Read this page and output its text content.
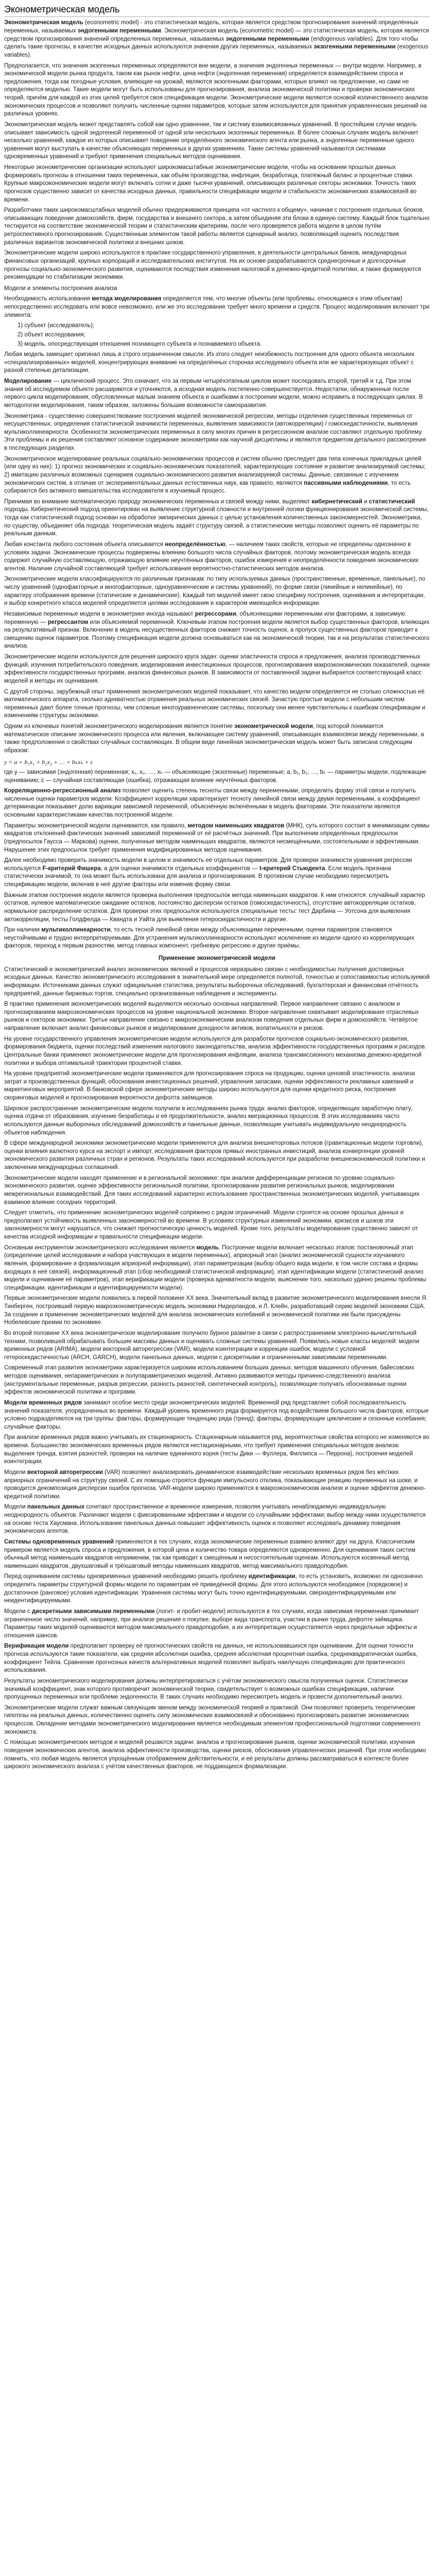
Эконометрическая модель

Эконометрическая модель (econometric model) - это статистическая модель, которая является средством прогнозирования значений определённых переменных, называемых эндогенными переменными. Эконометрическая модель (econometric model) — это статистическая модель, которая является средством прогнозирования значений определенных переменных, называемых эндогенными переменными (endogenous variables). Для того чтобы сделать такие прогнозы, в качестве исходных данных используются значения других переменных, называемых экзогенными переменными (exogenous variables).

Предполагается, что значения экзогенных переменных определяются вне модели, а значения эндогенных переменных — внутри модели. Например, в экономической модели рынка продукта, таком как рынок нефти, цена нефти (эндогенная переменная) определяется взаимодействием спроса и предложения, тогда как погодные условия, влияющие на урожай, являются экзогенными факторами, которые влияют на предложение, но сами не определяются моделью. Такие модели могут быть использованы для прогнозирования, анализа экономической политики и проверки экономических теорий, причём для каждой из этих целей требуется своя спецификация модели. Эконометрические модели являются основой количественного анализа экономических процессов и позволяют получить численные оценки параметров, которые затем используются для принятия управленческих решений на различных уровнях.

Эконометрическая модель может представлять собой как одно уравнение, так и систему взаимосвязанных уравнений. В простейшем случае модель описывает зависимость одной эндогенной переменной от одной или нескольких экзогенных переменных. В более сложных случаях модель включает несколько уравнений, каждое из которых описывает поведение определённого экономического агента или рынка, а эндогенные переменные одного уравнения могут выступать в качестве объясняющих переменных в других уравнениях. Такие системы уравнений называются системами одновременных уравнений и требуют применения специальных методов оценивания.

Некоторые эконометрические организации используют широкомасштабные эконометрические модели, чтобы на основании прошлых данных формировать прогнозы в отношении таких переменных, как объём производства, инфляция, безработица, платёжный баланс и процентные ставки. Крупные макроэкономические модели могут включать сотни и даже тысячи уравнений, описывающих различные секторы экономики. Точность таких прогнозов существенно зависит от качества исходных данных, правильности спецификации модели и стабильности экономических взаимосвязей во времени.

Разработчики таких широкомасштабных моделей обычно придерживаются принципа «от частного к общему», начиная с построения отдельных блоков, описывающих поведение домохозяйств, фирм, государства и внешнего сектора, а затем объединяя эти блоки в единую систему. Каждый блок тщательно тестируется на соответствие экономической теории и статистическим критериям, после чего проверяется работа модели в целом путём ретроспективного прогнозирования. Существенным элементом такой работы является сценарный анализ, позволяющий оценить последствия различных вариантов экономической политики и внешних шоков.

Эконометрические модели широко используются в практике государственного управления, в деятельности центральных банков, международных финансовых организаций, крупных корпораций и исследовательских институтов. На их основе разрабатываются среднесрочные и долгосрочные прогнозы социально-экономического развития, оцениваются последствия изменения налоговой и денежно-кредитной политики, а также формируются рекомендации по стабилизации экономики.

Модели и элементы построения анализа

Необходимость использования метода моделирования определяется тем, что многие объекты (или проблемы, относящиеся к этим объектам) непосредственно исследовать или вовсе невозможно, или же это исследование требует много времени и средств. Процесс моделирования включает три элемента:

1) субъект (исследователь);
2) объект исследования;
3) модель, опосредствующая отношения познающего субъекта и познаваемого объекта.

Любая модель замещает оригинал лишь в строго ограниченном смысле. Из этого следует неизбежность построения для одного объекта нескольких «специализированных» моделей, концентрирующих внимание на определённых сторонах исследуемого объекта или же характеризующих объект с разной степенью детализации.

Моделирование — циклический процесс. Это означает, что за первым четырёхэтапным циклом может последовать второй, третий и т.д. При этом знания об исследуемом объекте расширяются и уточняются, а исходная модель постепенно совершенствуется. Недостатки, обнаруженные после первого цикла моделирования, обусловленные малым знанием объекта и ошибками в построении модели, можно исправить в последующих циклах. В методологии моделирования, таким образом, заложены большие возможности самоsразвития.

Эконометрика - существенно совершенствование построения моделей экономической регрессии, методы отделения существенных переменных от несущественных, определения статистической значимости переменных, выявления зависимости (автокорреляции) / гомоскедастичности, выявления мультиколлинеарности. Особенности эконометрических переменных в силу многих причин в регрессионном анализе составляют отдельную проблему. Эти проблемы и их решения составляют основное содержание эконометрики как научной дисциплины и являются предметом детального рассмотрения в последующих разделах.

Эконометрическое моделирование реальных социально-экономических процессов и систем обычно преследует два типа конечных прикладных целей (или одну из них): 1) прогноз экономических и социально-экономических показателей, характеризующих состояние и развитие анализируемой системы; 2) имитацию различных возможных сценариев социально-экономического развития анализируемой системы. Данные, связанные с изучением экономических систем, в отличие от экспериментальных данных естественных наук, как правило, являются пассивными наблюдениями, то есть собираются без активного вмешательства исследователя в изучаемый процесс.

Принимая во внимание математическую природу экономических переменных и связей между ними, выделяют кибернетический и статистический подходы. Кибернетический подход ориентирован на выявление структурной сложности и внутренней логики функционирования экономической системы, тогда как статистический подход основан на обработке эмпирических данных с целью установления количественных закономерностей. Эконометрика, по существу, объединяет оба подхода: теоретическая модель задаёт структуру связей, а статистические методы позволяют оценить её параметры по реальным данным.

Любая константа любого состояния объекта описывается неопределённостью, — наличием таких свойств, которые не определены однозначно в условиях задачи. Экономические процессы подвержены влиянию большого числа случайных факторов, поэтому эконометрическая модель всегда содержит случайную составляющую, отражающую влияние неучтённых факторов, ошибок измерения и неопределённости поведения экономических агентов. Наличие случайной составляющей требует использования вероятностно-статистических методов анализа.

Эконометрические модели классифицируются по различным признакам: по типу используемых данных (пространственные, временные, панельные), по числу уравнений (однофакторные и многофакторные, одноуравненческие и системы уравнений), по форме связи (линейные и нелинейные), по характеру отображения времени (статические и динамические). Каждый тип моделей имеет свою специфику построения, оценивания и интерпретации, и выбор конкретного класса моделей определяется целями исследования и характером имеющейся информации.

Независимые переменные модели в эконометрике иногда называют регрессорами, объясняющими переменными или факторами, а зависимую переменную — регрессантом или объясняемой переменной. Ключевым этапом построения модели является выбор существенных факторов, влияющих на результативный признак. Включение в модель несущественных факторов снижает точность оценок, а пропуск существенных факторов приводит к смещению оценок параметров. Поэтому спецификация модели должна основываться как на экономической теории, так и на результатах статистического анализа.

Эконометрические модели используются для решения широкого круга задач: оценки эластичности спроса и предложения, анализа производственных функций, изучения потребительского поведения, моделирования инвестиционных процессов, прогнозирования макроэкономических показателей, оценки эффективности государственных программ, анализа финансовых рынков. В зависимости от поставленной задачи выбирается соответствующий класс моделей и методы их оценивания.

С другой стороны, зарубежный опыт применения эконометрических моделей показывает, что качество модели определяется не столько сложностью её математического аппарата, сколько адекватностью отражения реальных экономических связей. Зачастую простые модели с небольшим числом переменных дают более точные прогнозы, чем сложные многоуравненческие системы, поскольку они менее чувствительны к ошибкам спецификации и изменениям структуры экономики.

Одним из ключевых понятий эконометрического моделирования является понятие эконометрической модели, под которой понимается математическое описание экономического процесса или явления, включающее систему уравнений, описывающих взаимосвязи между переменными, а также предположения о свойствах случайных составляющих. В общем виде линейная эконометрическая модель может быть записана следующим образом:

y = a + b₁x₁ + b₂x₂ + … + bₖxₖ + ε

где y — зависимая (эндогенная) переменная; x₁, x₂, …, xₖ — объясняющие (экзогенные) переменные; a, b₁, b₂, …, bₖ — параметры модели, подлежащие оцениванию; ε — случайная составляющая (ошибка), отражающая влияние неучтённых факторов.

Корреляционно-регрессионный анализ позволяет оценить степень тесноты связи между переменными, определить форму этой связи и получить численные оценки параметров модели. Коэффициент корреляции характеризует тесноту линейной связи между двумя переменными, а коэффициент детерминации показывает долю вариации зависимой переменной, объяснённую включёнными в модель факторами. Эти показатели являются основными характеристиками качества построенной модели.

Параметры эконометрической модели оцениваются, как правило, методом наименьших квадратов (МНК), суть которого состоит в минимизации суммы квадратов отклонений фактических значений зависимой переменной от её расчётных значений. При выполнении определённых предпосылок (предпосылок Гаусса — Маркова) оценки, полученные методом наименьших квадратов, являются несмещёнными, состоятельными и эффективными. Нарушение этих предпосылок требует применения модифицированных методов оценивания.

Далее необходимо проверить значимость модели в целом и значимость её отдельных параметров. Для проверки значимости уравнения регрессии используется F-критерий Фишера, а для оценки значимости отдельных коэффициентов — t-критерий Стьюдента. Если модель признана статистически значимой, то она может быть использована для анализа и прогнозирования. В противном случае необходимо пересмотреть спецификацию модели, включив в неё другие факторы или изменив форму связи.

Важным этапом построения модели является проверка выполнения предпосылок метода наименьших квадратов. К ним относятся: случайный характер остатков, нулевое математическое ожидание остатков, постоянство дисперсии остатков (гомоскедастичность), отсутствие автокорреляции остатков, нормальное распределение остатков. Для проверки этих предпосылок используются специальные тесты: тест Дарбина — Уотсона для выявления автокорреляции, тесты Голдфелда — Квандта и Уайта для выявления гетероскедастичности и другие.

При наличии мультиколлинеарности, то есть тесной линейной связи между объясняющими переменными, оценки параметров становятся неустойчивыми и трудно интерпретируемыми. Для устранения мультиколлинеарности используют исключение из модели одного из коррелирующих факторов, переход к первым разностям, метод главных компонент, гребневую регрессию и другие приёмы.

Применение эконометрической модели

Статистический и эконометрический анализ экономических явлений и процессов неразрывно связан с необходимостью получения достоверных исходных данных. Качество эконометрического исследования в значительной мере определяется полнотой, точностью и сопоставимостью используемой информации. Источниками данных служат официальная статистика, результаты выборочных обследований, бухгалтерская и финансовая отчётность предприятий, данные биржевых торгов, специально организованные наблюдения и эксперименты.

В практике применения эконометрических моделей выделяются несколько основных направлений. Первое направление связано с анализом и прогнозированием макроэкономических процессов на уровне национальной экономики. Второе направление охватывает моделирование отраслевых рынков и секторов экономики. Третье направление связано с микроэкономическим анализом поведения отдельных фирм и домохозяйств. Четвёртое направление включает анализ финансовых рынков и моделирование доходности активов, волатильности и рисков.

На уровне государственного управления эконометрические модели используются для разработки прогнозов социально-экономического развития, формирования бюджета, оценки последствий изменения налогового законодательства, анализа эффективности государственных программ и расходов. Центральные банки применяют эконометрические модели для прогнозирования инфляции, анализа трансмиссионного механизма денежно-кредитной политики и выбора оптимальной траектории процентной ставки.

На уровне предприятий эконометрические модели применяются для прогнозирования спроса на продукцию, оценки ценовой эластичности, анализа затрат и производственных функций, обоснования инвестиционных решений, управления запасами, оценки эффективности рекламных кампаний и маркетинговых мероприятий. В банковской сфере эконометрические методы широко используются для оценки кредитного риска, построения скоринговых моделей и прогнозирования вероятности дефолта заёмщиков.

Широкое распространение эконометрические модели получили в исследованиях рынка труда: анализ факторов, определяющих заработную плату, оценка отдачи от образования, изучение безработицы и её продолжительности, анализ миграционных процессов. В этих исследованиях часто используются данные выборочных обследований домохозяйств и панельные данные, позволяющие учитывать индивидуальную неоднородность объектов наблюдения.

В сфере международной экономики эконометрические модели применяются для анализа внешнеторговых потоков (гравитационные модели торговли), оценки влияния валютного курса на экспорт и импорт, исследования факторов прямых иностранных инвестиций, анализа конвергенции уровней экономического развития различных стран и регионов. Результаты таких исследований используются при разработке внешнеэкономической политики и заключении международных соглашений.

Эконометрические модели находят применение и в региональной экономике: при анализе дифференциации регионов по уровню социально-экономического развития, оценке эффективности региональной политики, прогнозировании развития региональных рынков, моделировании межрегиональных взаимодействий. Для таких исследований характерно использование пространственных эконометрических моделей, учитывающих взаимное влияние соседних территорий.

Следует отметить, что применение эконометрических моделей сопряжено с рядом ограничений. Модели строятся на основе прошлых данных и предполагают устойчивость выявленных закономерностей во времени. В условиях структурных изменений экономики, кризисов и шоков эти закономерности могут нарушаться, что снижает прогностическую ценность моделей. Кроме того, результаты моделирования существенно зависят от качества исходной информации и правильности спецификации модели.

Основным инструментом эконометрического исследования является модель. Построение модели включает несколько этапов: постановочный этап (определение целей исследования и набора участвующих в модели переменных), априорный этап (анализ экономической сущности изучаемого явления, формирование и формализация априорной информации), этап параметризации (выбор общего вида модели, в том числе состава и формы входящих в неё связей), информационный этап (сбор необходимой статистической информации), этап идентификации модели (статистический анализ модели и оценивание её параметров), этап верификации модели (проверка адекватности модели, выяснение того, насколько удачно решены проблемы спецификации, идентификации и идентифицируемости модели).

Первые эконометрические модели появились в первой половине XX века. Значительный вклад в развитие эконометрического моделирования внесли Я. Тинберген, построивший первую макроэконометрическую модель экономики Нидерландов, и Л. Клейн, разработавший серию моделей экономики США. За создание и применение эконометрических моделей для анализа экономических колебаний и экономической политики им были присуждены Нобелевские премии по экономике.

Во второй половине XX века эконометрическое моделирование получило бурное развитие в связи с распространением электронно-вычислительной техники, позволившей обрабатывать большие массивы данных и оценивать сложные системы уравнений. Появились новые классы моделей: модели временных рядов (ARIMA), модели векторной авторегрессии (VAR), модели коинтеграции и коррекции ошибок, модели с условной гетероскедастичностью (ARCH, GARCH), модели панельных данных, модели с дискретными и ограниченными зависимыми переменными.

Современный этап развития эконометрики характеризуется широким использованием больших данных, методов машинного обучения, байесовских методов оценивания, непараметрических и полупараметрических моделей. Активно развиваются методы причинно-следственного анализа (инструментальные переменные, разрыв регрессии, разность разностей, синтетический контроль), позволяющие получать обоснованные оценки эффектов экономической политики и программ.

Модели временных рядов занимают особое место среди эконометрических моделей. Временной ряд представляет собой последовательность значений показателя, упорядоченных во времени. Каждый уровень временного ряда формируется под воздействием большого числа факторов, которые условно подразделяются на три группы: факторы, формирующие тенденцию ряда (тренд); факторы, формирующие циклические и сезонные колебания; случайные факторы.

При анализе временных рядов важно учитывать их стационарность. Стационарным называется ряд, вероятностные свойства которого не изменяются во времени. Большинство экономических временных рядов являются нестационарными, что требует применения специальных методов анализа: выделения тренда, взятия разностей, проверки на наличие единичного корня (тесты Дики — Фуллера, Филлипса — Перрона), построения моделей коинтеграции.

Модели векторной авторегрессии (VAR) позволяют анализировать динамическое взаимодействие нескольких временных рядов без жёстких априорных ограничений на структуру связей. С их помощью строятся функции импульсного отклика, показывающие реакцию переменных на шоки, и проводится декомпозиция дисперсии ошибок прогноза. VAR-модели широко применяются в макроэкономическом анализе и оценке эффектов денежно-кредитной политики.

Модели панельных данных сочетают пространственное и временное измерения, позволяя учитывать ненаблюдаемую индивидуальную неоднородность объектов. Различают модели с фиксированными эффектами и модели со случайными эффектами; выбор между ними осуществляется на основе теста Хаусмана. Использование панельных данных повышает эффективность оценок и позволяет исследовать динамику поведения экономических агентов.

Системы одновременных уравнений применяются в тех случаях, когда экономические переменные взаимно влияют друг на друга. Классическим примером является модель спроса и предложения, в которой цена и количество товара определяются одновременно. Для оценивания таких систем обычный метод наименьших квадратов неприменим, так как приводит к смещённым и несостоятельным оценкам. Используются косвенный метод наименьших квадратов, двухшаговый и трёхшаговый методы наименьших квадратов, метод максимального правдоподобия.

Перед оцениванием системы одновременных уравнений необходимо решить проблему идентификации, то есть установить, возможно ли однозначно определить параметры структурной формы модели по параметрам её приведённой формы. Для этого используются необходимое (порядковое) и достаточное (ранговое) условия идентификации. Уравнения системы могут быть точно идентифицируемыми, сверхидентифицируемыми или неидентифицируемыми.

Модели с дискретными зависимыми переменными (логит- и пробит-модели) используются в тех случаях, когда зависимая переменная принимает ограниченное число значений, например, при анализе решения о покупке, выборе вида транспорта, участии в рынке труда, дефолте заёмщика. Параметры таких моделей оцениваются методом максимального правдоподобия, а их интерпретация осуществляется через предельные эффекты и отношения шансов.

Верификация модели предполагает проверку её прогностических свойств на данных, не использовавшихся при оценивании. Для оценки точности прогноза используются такие показатели, как средняя абсолютная ошибка, средняя абсолютная процентная ошибка, среднеквадратическая ошибка, коэффициент Тейла. Сравнение прогнозных качеств альтернативных моделей позволяет выбрать наилучшую спецификацию для практического использования.

Результаты эконометрического моделирования должны интерпретироваться с учётом экономического смысла полученных оценок. Статистически значимый коэффициент, знак которого противоречит экономической теории, свидетельствует о возможных ошибках спецификации, наличии пропущенных переменных или проблеме эндогенности. В таких случаях необходимо пересмотреть модель и провести дополнительный анализ.

Эконометрические модели служат важным связующим звеном между экономической теорией и практикой. Они позволяют проверить теоретические гипотезы на реальных данных, количественно оценить силу экономических взаимосвязей и обоснованно прогнозировать развитие экономических процессов. Овладение методами эконометрического моделирования является необходимым элементом профессиональной подготовки современного экономиста.

С помощью эконометрических методов и моделей решаются задачи: анализа и прогнозирования рынков, оценки экономической политики, изучения поведения экономических агентов, анализа эффективности производства, оценки рисков, обоснования управленческих решений. При этом необходимо помнить, что любая модель является упрощённым отображением действительности, и её результаты должны рассматриваться в контексте более широкого экономического анализа с учётом качественных факторов, не поддающихся формализации.
